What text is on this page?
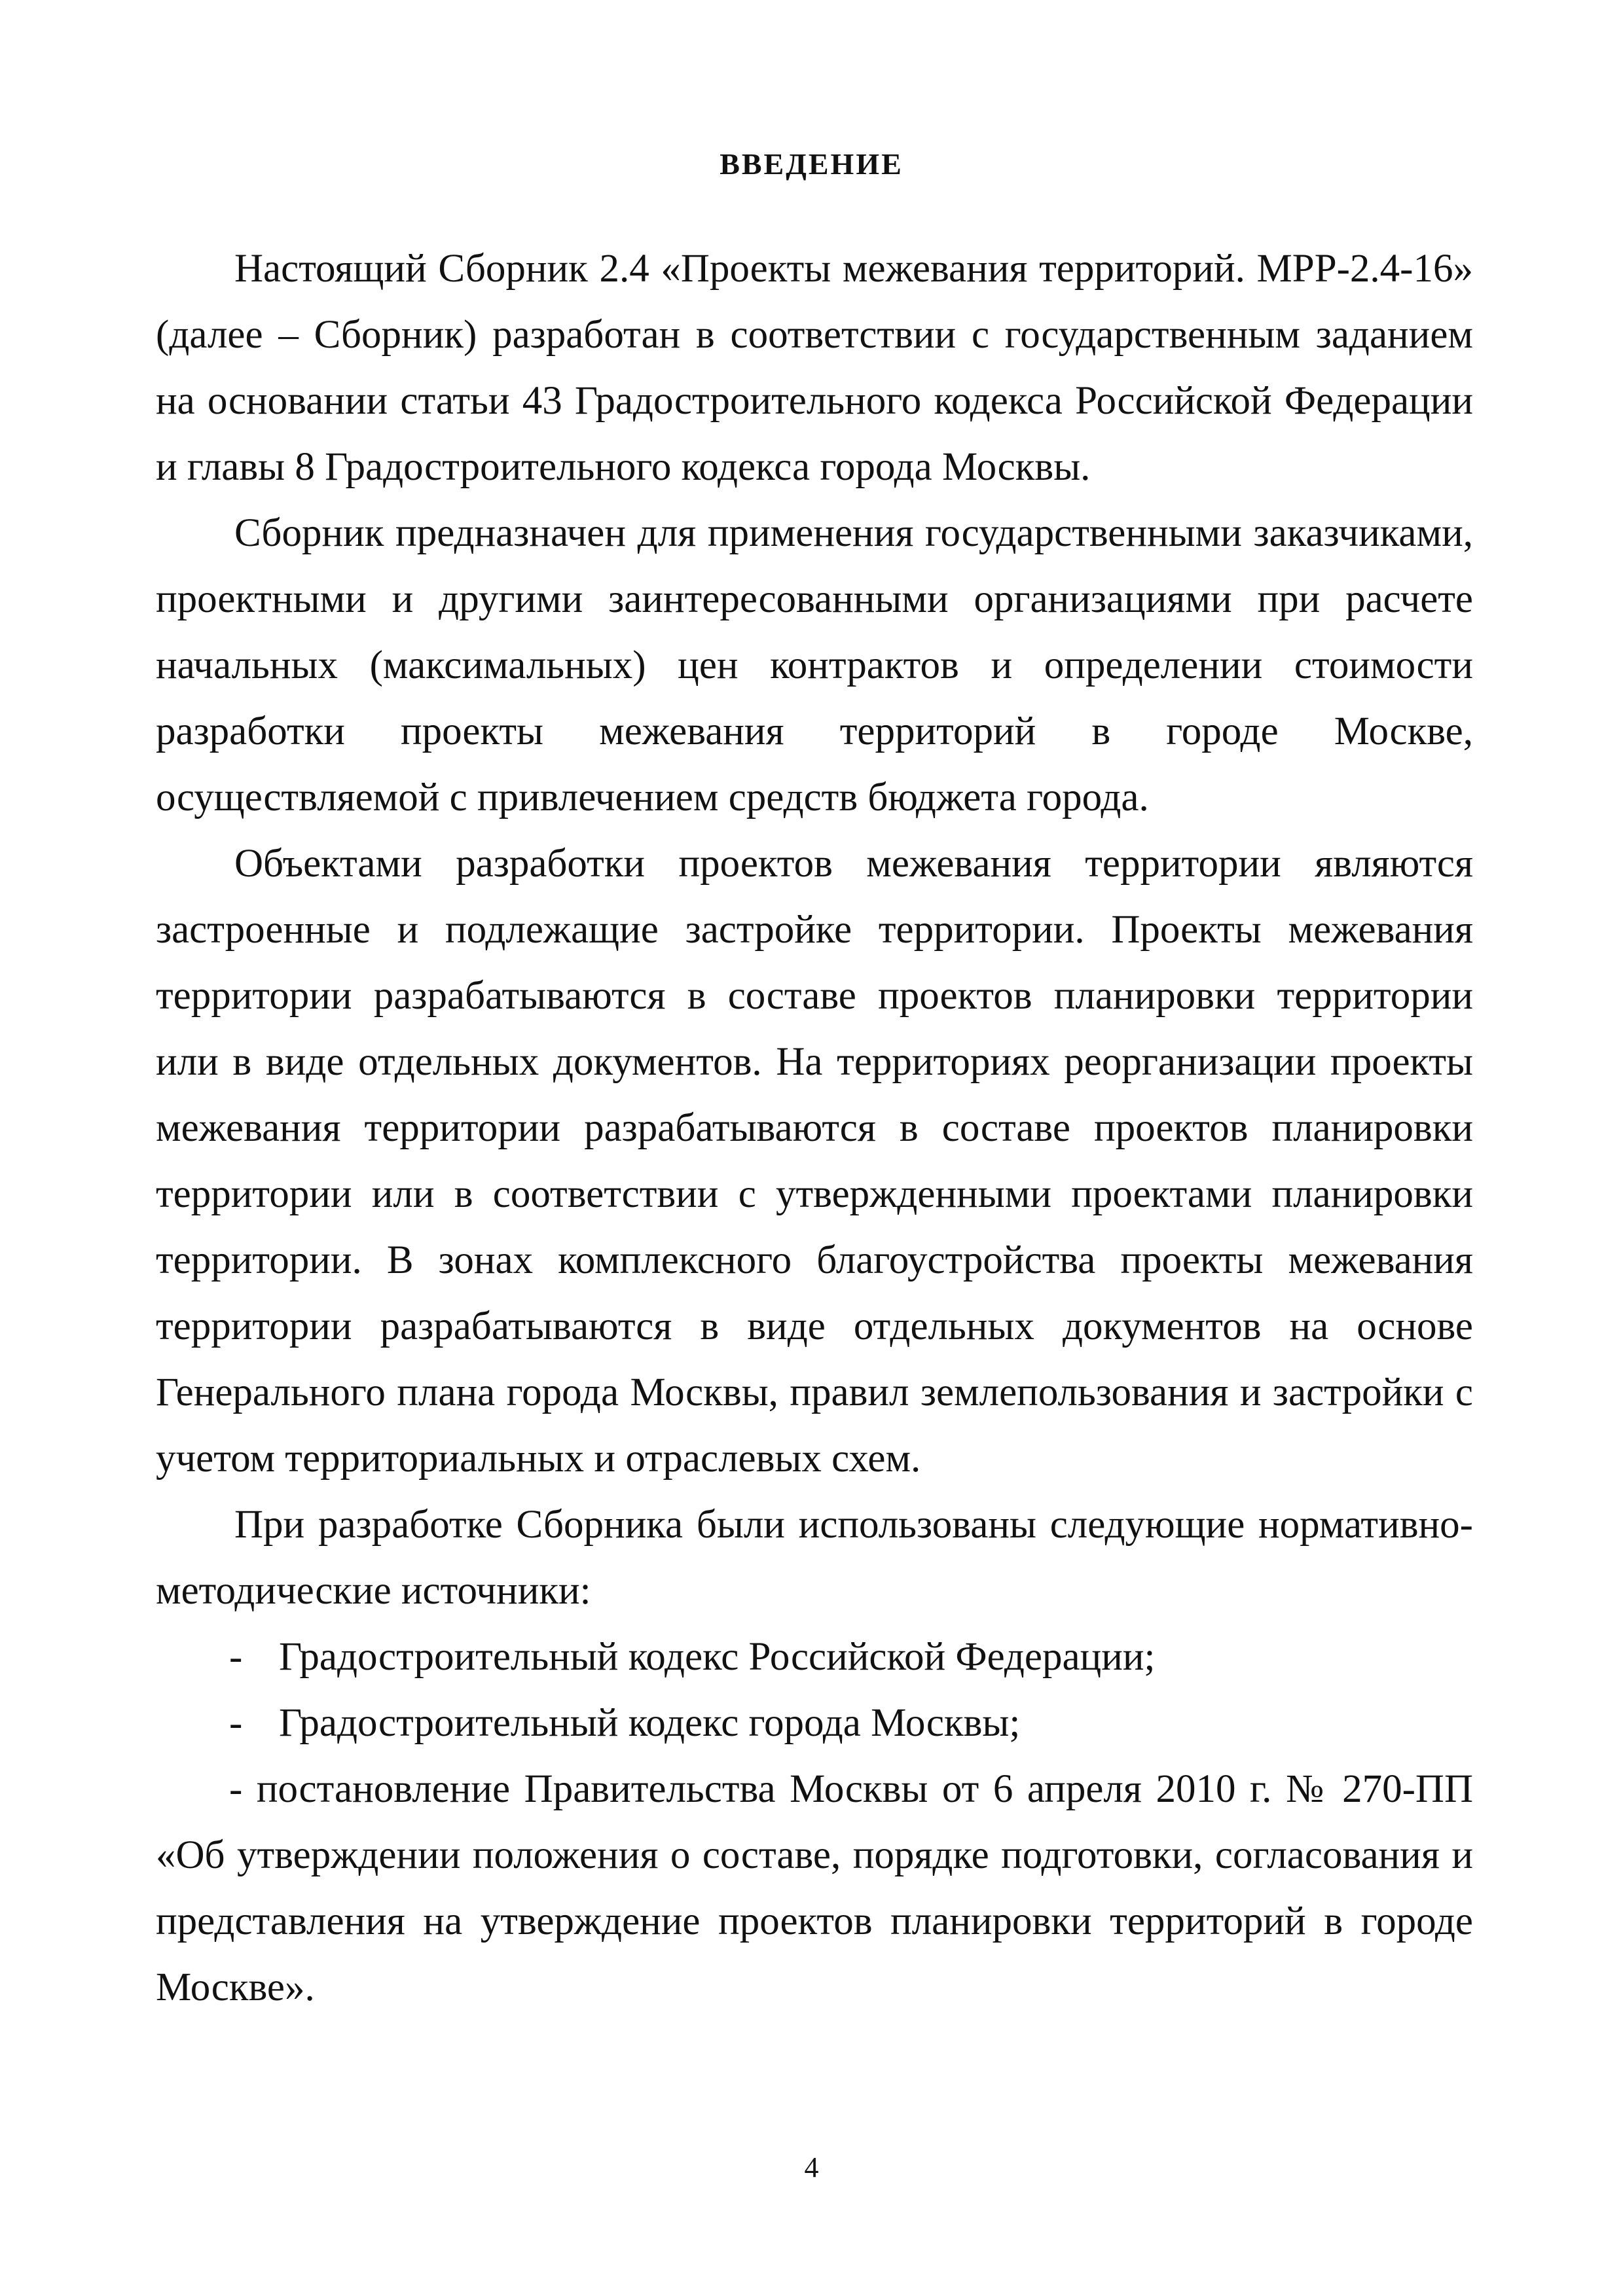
ВВЕДЕНИЕ

Настоящий Сборник 2.4 «Проекты межевания территорий. МРР-2.4-16» (далее – Сборник) разработан в соответствии с государственным заданием на основании статьи 43 Градостроительного кодекса Российской Федерации и главы 8 Градостроительного кодекса города Москвы.

Сборник предназначен для применения государственными заказчиками, проектными и другими заинтересованными организациями при расчете начальных (максимальных) цен контрактов и определении стоимости разработки проекты межевания территорий в городе Москве, осуществляемой с привлечением средств бюджета города.

Объектами разработки проектов межевания территории являются застроенные и подлежащие застройке территории. Проекты межевания территории разрабатываются в составе проектов планировки территории или в виде отдельных документов. На территориях реорганизации проекты межевания территории разрабатываются в составе проектов планировки территории или в соответствии с утвержденными проектами планировки территории. В зонах комплексного благоустройства проекты межевания территории разрабатываются в виде отдельных документов на основе Генерального плана города Москвы, правил землепользования и застройки с учетом территориальных и отраслевых схем.

При разработке Сборника были использованы следующие нормативно-методические источники:

- Градостроительный кодекс Российской Федерации;
- Градостроительный кодекс города Москвы;

- постановление Правительства Москвы от 6 апреля 2010 г. № 270-ПП «Об утверждении положения о составе, порядке подготовки, согласования и представления на утверждение проектов планировки территорий в городе Москве».

4
